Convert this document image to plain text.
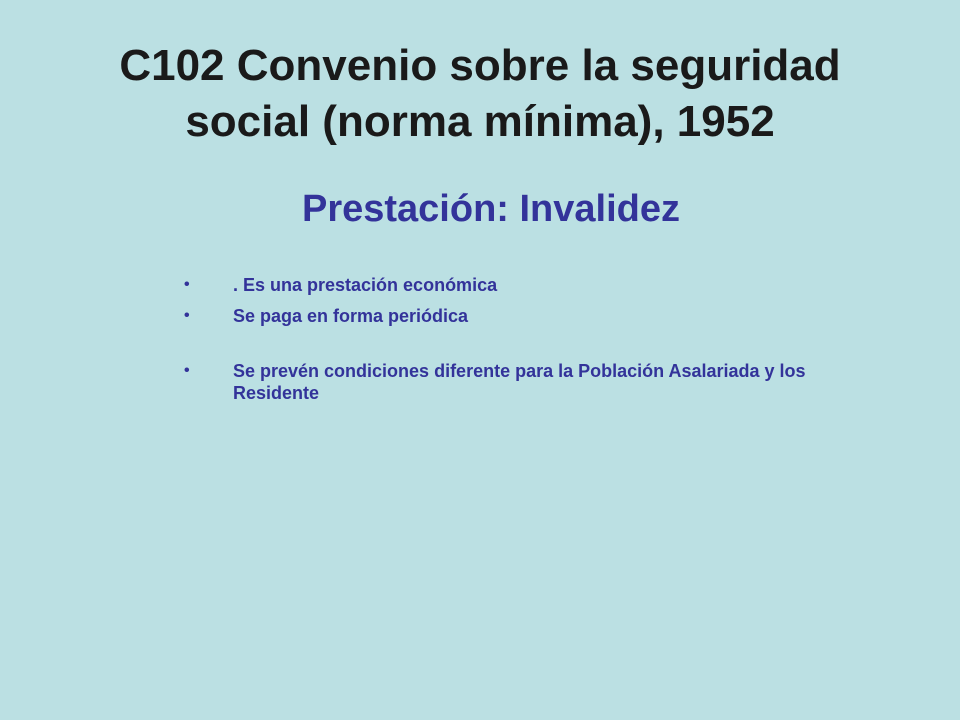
C102 Convenio sobre la seguridad
social (norma mínima), 1952
Prestación: Invalidez
•	. Es una prestación económica
•	Se paga en forma periódica
•	Se prevén condiciones diferente para la Población Asalariada y los Residente
